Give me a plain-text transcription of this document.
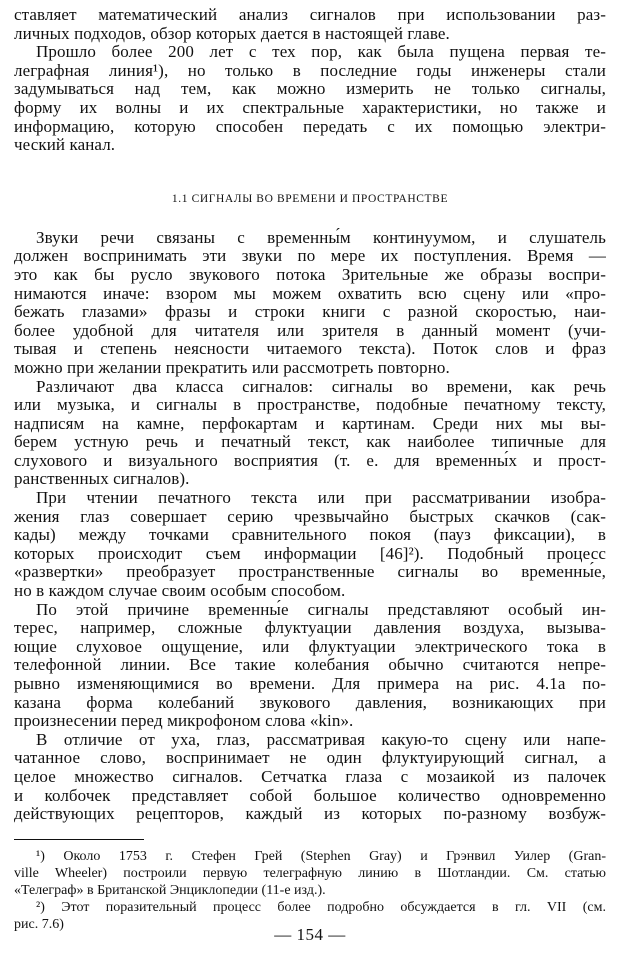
ставляет математический анализ сигналов при использовании раз-
личных подходов, обзор которых дается в настоящей главе.
Прошло более 200 лет с тех пор, как была пущена первая те-
леграфная линия¹), но только в последние годы инженеры стали
задумываться над тем, как можно измерить не только сигналы,
форму их волны и их спектральные характеристики, но также и
информацию, которую способен передать с их помощью электри-
ческий канал.
1.1 СИГНАЛЫ ВО ВРЕМЕНИ И ПРОСТРАНСТВЕ
Звуки речи связаны с временны́м континуумом, и слушатель
должен воспринимать эти звуки по мере их поступления. Время —
это как бы русло звукового потока Зрительные же образы воспри-
нимаются иначе: взором мы можем охватить всю сцену или «про-
бежать глазами» фразы и строки книги с разной скоростью, наи-
более удобной для читателя или зрителя в данный момент (учи-
тывая и степень неясности читаемого текста). Поток слов и фраз
можно при желании прекратить или рассмотреть повторно.
Различают два класса сигналов: сигналы во времени, как речь
или музыка, и сигналы в пространстве, подобные печатному тексту,
надписям на камне, перфокартам и картинам. Среди них мы вы-
берем устную речь и печатный текст, как наиболее типичные для
слухового и визуального восприятия (т. е. для временны́х и прост-
ранственных сигналов).
При чтении печатного текста или при рассматривании изобра-
жения глаз совершает серию чрезвычайно быстрых скачков (сак-
кады) между точками сравнительного покоя (пауз фиксации), в
которых происходит съем информации [46]²). Подобный процесс
«развертки» преобразует пространственные сигналы во временны́е,
но в каждом случае своим особым способом.
По этой причине временны́е сигналы представляют особый ин-
терес, например, сложные флуктуации давления воздуха, вызыва-
ющие слуховое ощущение, или флуктуации электрического тока в
телефонной линии. Все такие колебания обычно считаются непре-
рывно изменяющимися во времени. Для примера на рис. 4.1а по-
казана форма колебаний звукового давления, возникающих при
произнесении перед микрофоном слова «kin».
В отличие от уха, глаз, рассматривая какую-то сцену или напе-
чатанное слово, воспринимает не один флуктуирующий сигнал, а
целое множество сигналов. Сетчатка глаза с мозаикой из палочек
и колбочек представляет собой большое количество одновременно
действующих рецепторов, каждый из которых по-разному возбуж-
¹) Около 1753 г. Стефен Грей (Stephen Gray) и Грэнвил Уилер (Gran-
ville Wheeler) построили первую телеграфную линию в Шотландии. См. статью
«Телеграф» в Британской Энциклопедии (11-е изд.).
²) Этот поразительный процесс более подробно обсуждается в гл. VII (см.
рис. 7.6)
— 154 —
